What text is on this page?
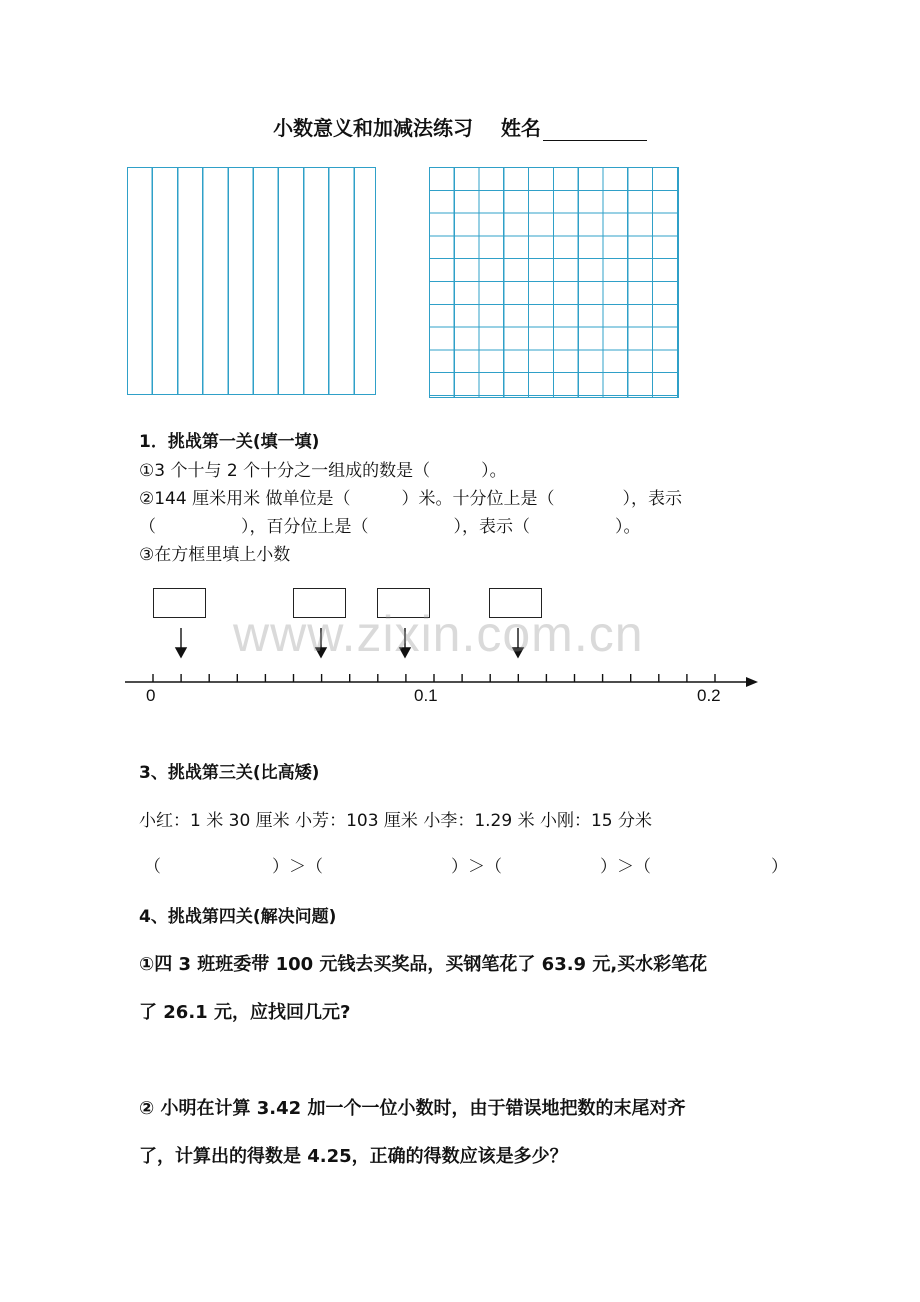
小数意义和加减法练习 姓名
1．挑战第一关(填一填)
①3 个十与 2 个十分之一组成的数是（　　　）。
②144 厘米用米 做单位是（　　　）米。十分位上是（　　　　），表示
（　　　　　），百分位上是（　　　　　），表示（　　　　　）。
③在方框里填上小数
0	0.1	0.2
www.zixin.com.cn
3、挑战第三关(比高矮)
小红：1 米 30 厘米 小芳：103 厘米 小李：1.29 米 小刚：15 分米
（	）＞（	）＞（	）＞（	）
4、挑战第四关(解决问题)
①四 3 班班委带 100 元钱去买奖品，买钢笔花了 63.9 元,买水彩笔花
了 26.1 元，应找回几元?
② 小明在计算 3.42 加一个一位小数时，由于错误地把数的末尾对齐
了，计算出的得数是 4.25，正确的得数应该是多少？
